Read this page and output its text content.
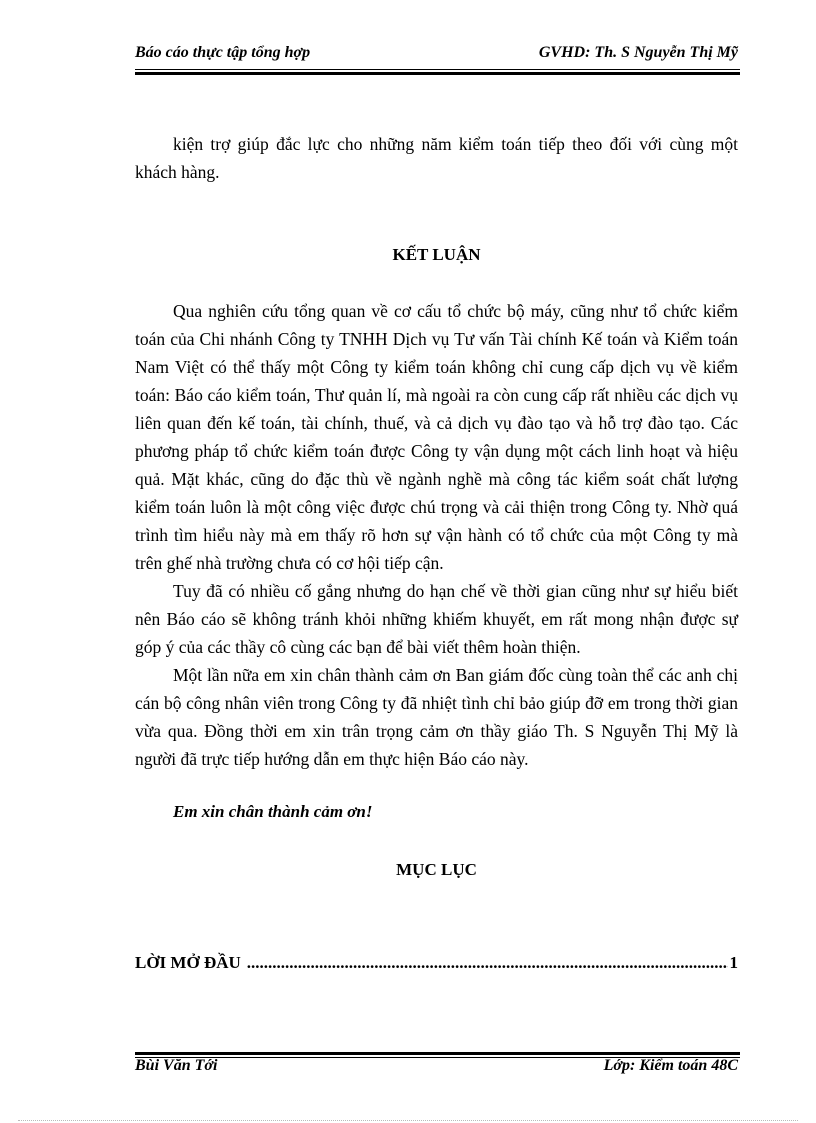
Báo cáo thực tập tổng hợp	GVHD: Th. S Nguyễn Thị Mỹ

kiện trợ giúp đắc lực cho những năm kiểm toán tiếp theo đối với cùng một khách hàng.

KẾT LUẬN

Qua nghiên cứu tổng quan về cơ cấu tổ chức bộ máy, cũng như tổ chức kiểm toán của Chi nhánh Công ty TNHH Dịch vụ Tư vấn Tài chính Kế toán và Kiểm toán Nam Việt có thể thấy một Công ty kiểm toán không chỉ cung cấp dịch vụ về kiểm toán: Báo cáo kiểm toán, Thư quản lí, mà ngoài ra còn cung cấp rất nhiều các dịch vụ liên quan đến kế toán, tài chính, thuế, và cả dịch vụ đào tạo và hỗ trợ đào tạo. Các phương pháp tổ chức kiểm toán được Công ty vận dụng một cách linh hoạt và hiệu quả. Mặt khác, cũng do đặc thù về ngành nghề mà công tác kiểm soát chất lượng kiểm toán luôn là một công việc được chú trọng và cải thiện trong Công ty. Nhờ quá trình tìm hiểu này mà em thấy rõ hơn sự vận hành có tổ chức của một Công ty mà trên ghế nhà trường chưa có cơ hội tiếp cận.

Tuy đã có nhiều cố gắng nhưng do hạn chế về thời gian cũng như sự hiểu biết nên Báo cáo sẽ không tránh khỏi những khiếm khuyết, em rất mong nhận được sự góp ý của các thầy cô cùng các bạn để bài viết thêm hoàn thiện.

Một lần nữa em xin chân thành cảm ơn Ban giám đốc cùng toàn thể các anh chị cán bộ công nhân viên trong Công ty đã nhiệt tình chỉ bảo giúp đỡ em trong thời gian vừa qua. Đồng thời em xin trân trọng cảm ơn thầy giáo Th. S Nguyễn Thị Mỹ là người đã trực tiếp hướng dẫn em thực hiện Báo cáo này.

Em xin chân thành cảm ơn!
MỤC LỤC
LỜI MỞ ĐẦU
.....	1
Bùi Văn Tới	Lớp: Kiểm toán 48C
